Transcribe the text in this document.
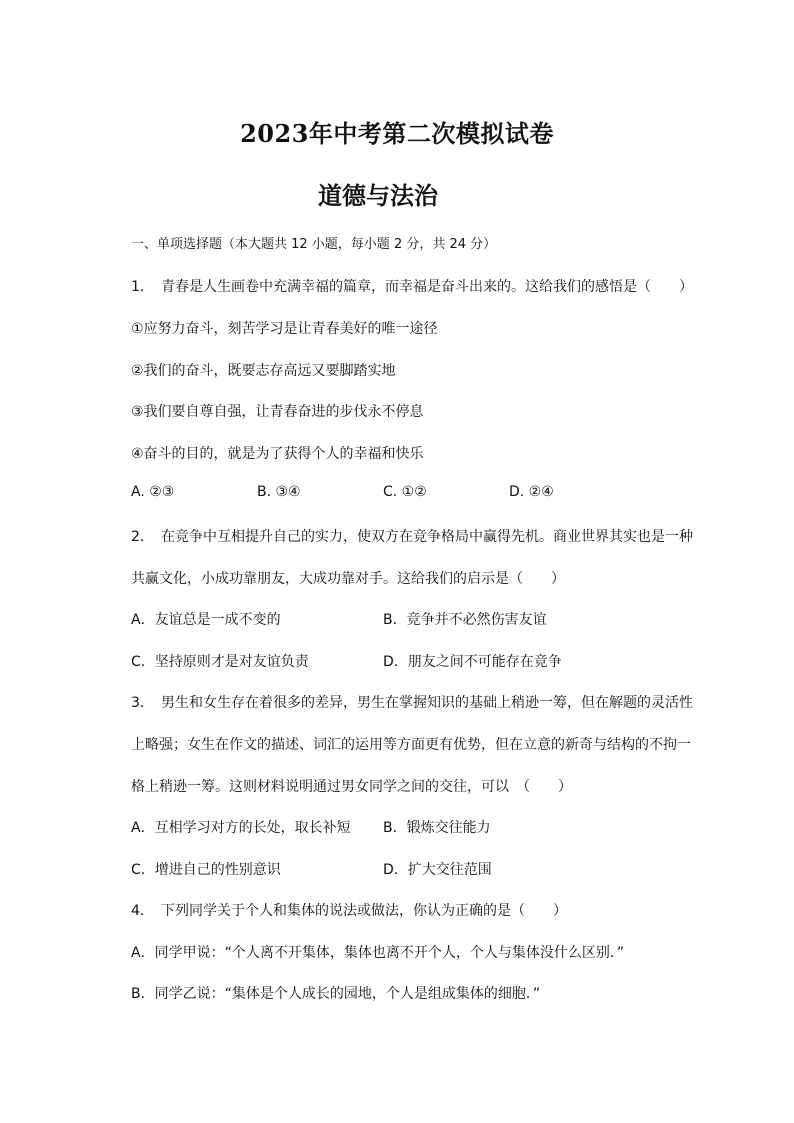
2023年中考第二次模拟试卷
道德与法治
一、单项选择题（本大题共 12 小题，每小题 2 分，共 24 分）
1． 青春是人生画卷中充满幸福的篇章，而幸福是奋斗出来的。这给我们的感悟是（　　）
①应努力奋斗，刻苦学习是让青春美好的唯一途径
②我们的奋斗，既要志存高远又要脚踏实地
③我们要自尊自强，让青春奋进的步伐永不停息
④奋斗的目的，就是为了获得个人的幸福和快乐
A. ②③	B. ③④	C. ①②	D. ②④
2． 在竞争中互相提升自己的实力，使双方在竞争格局中赢得先机。商业世界其实也是一种
共赢文化，小成功靠朋友，大成功靠对手。这给我们的启示是（　　）
A．友谊总是一成不变的	B．竞争并不必然伤害友谊
C．坚持原则才是对友谊负责	D．朋友之间不可能存在竞争
3． 男生和女生存在着很多的差异，男生在掌握知识的基础上稍逊一筹，但在解题的灵活性
上略强；女生在作文的描述、词汇的运用等方面更有优势，但在立意的新奇与结构的不拘一
格上稍逊一筹。这则材料说明通过男女同学之间的交往，可以　（　　）
A．互相学习对方的长处，取长补短 B．锻炼交往能力
C．增进自己的性别意识	D．扩大交往范围
4． 下列同学关于个人和集体的说法或做法，你认为正确的是（　　）
A．同学甲说：“个人离不开集体，集体也离不开个人，个人与集体没什么区别．”
B．同学乙说：“集体是个人成长的园地，个人是组成集体的细胞．”
